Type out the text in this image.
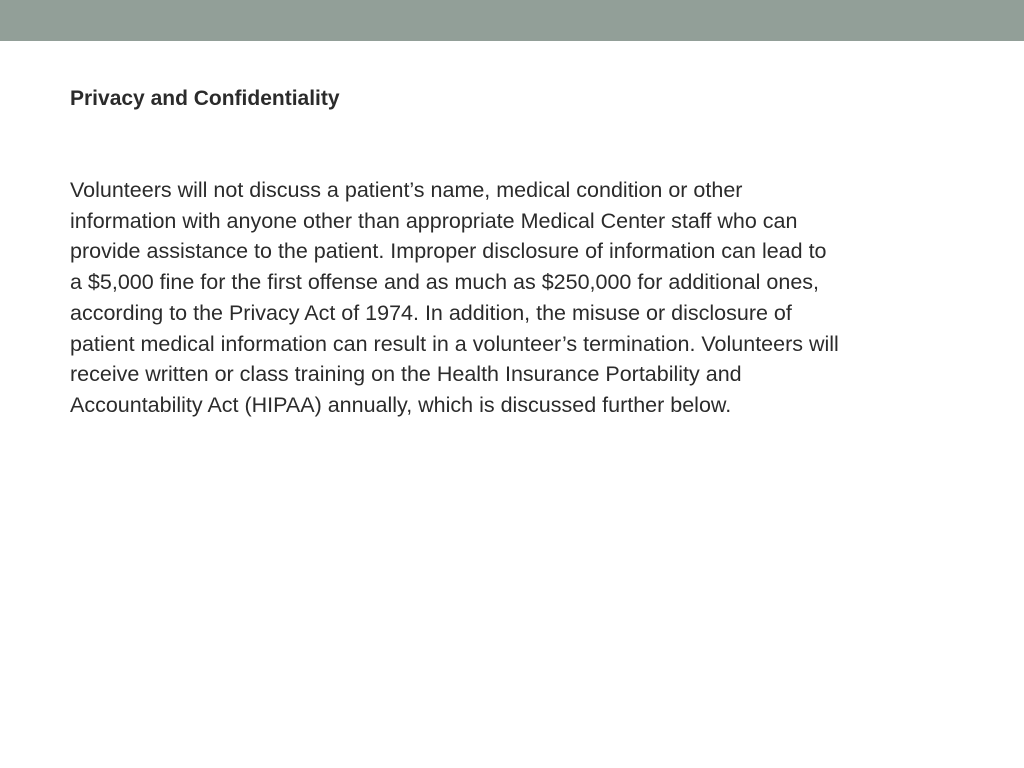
Privacy and Confidentiality

Volunteers will not discuss a patient’s name, medical condition or other information with anyone other than appropriate Medical Center staff who can provide assistance to the patient. Improper disclosure of information can lead to a $5,000 fine for the first offense and as much as $250,000 for additional ones, according to the Privacy Act of 1974. In addition, the misuse or disclosure of patient medical information can result in a volunteer’s termination. Volunteers will receive written or class training on the Health Insurance Portability and Accountability Act (HIPAA) annually, which is discussed further below.
